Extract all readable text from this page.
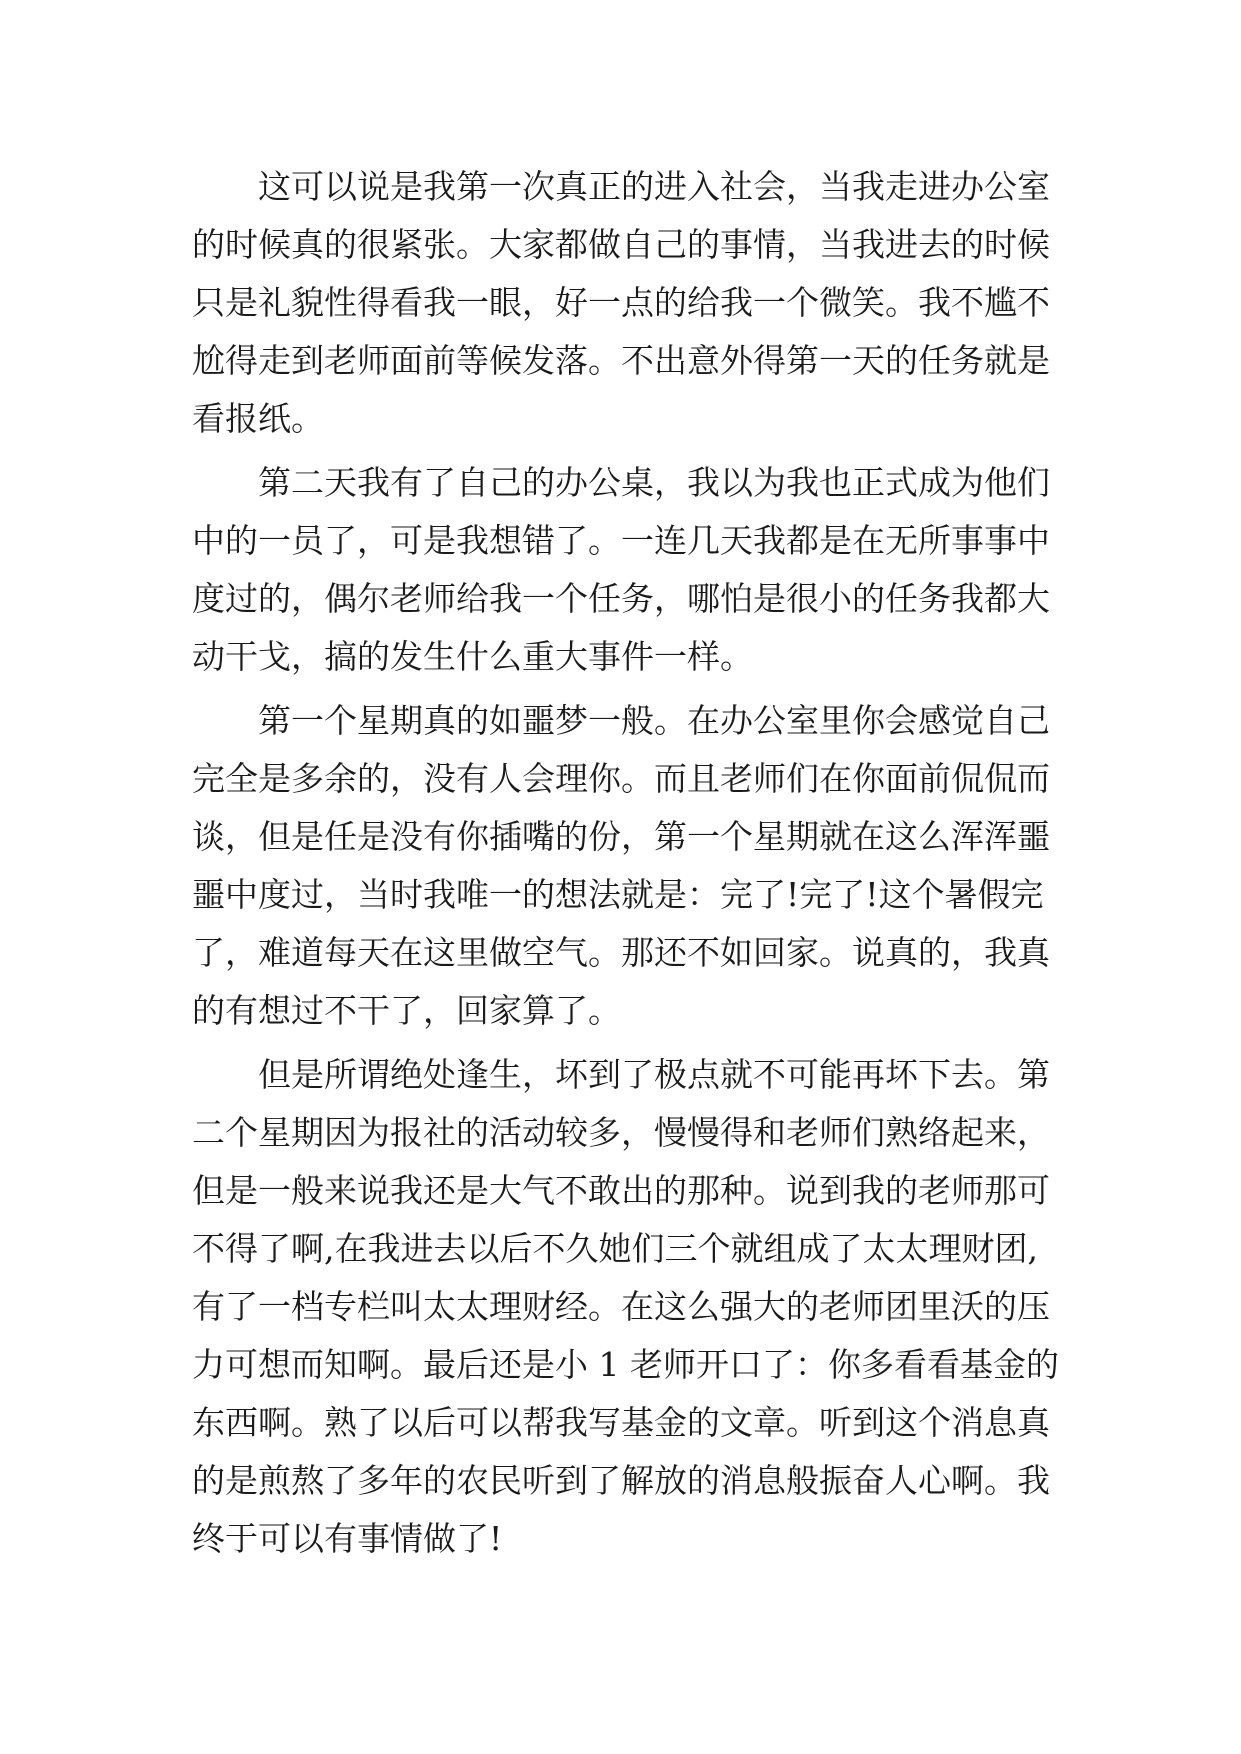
这可以说是我第一次真正的进入社会，当我走进办公室
的时候真的很紧张。大家都做自己的事情，当我进去的时候
只是礼貌性得看我一眼，好一点的给我一个微笑。我不尴不
尬得走到老师面前等候发落。不出意外得第一天的任务就是
看报纸。
第二天我有了自己的办公桌，我以为我也正式成为他们
中的一员了，可是我想错了。一连几天我都是在无所事事中
度过的，偶尔老师给我一个任务，哪怕是很小的任务我都大
动干戈，搞的发生什么重大事件一样。
第一个星期真的如噩梦一般。在办公室里你会感觉自己
完全是多余的，没有人会理你。而且老师们在你面前侃侃而
谈，但是任是没有你插嘴的份，第一个星期就在这么浑浑噩
噩中度过，当时我唯一的想法就是：完了!完了!这个暑假完
了，难道每天在这里做空气。那还不如回家。说真的，我真
的有想过不干了，回家算了。
但是所谓绝处逢生，坏到了极点就不可能再坏下去。第
二个星期因为报社的活动较多，慢慢得和老师们熟络起来，
但是一般来说我还是大气不敢出的那种。说到我的老师那可
不得了啊,在我进去以后不久她们三个就组成了太太理财团,
有了一档专栏叫太太理财经。在这么强大的老师团里沃的压
力可想而知啊。最后还是小 1 老师开口了：你多看看基金的
东西啊。熟了以后可以帮我写基金的文章。听到这个消息真
的是煎熬了多年的农民听到了解放的消息般振奋人心啊。我
终于可以有事情做了!
